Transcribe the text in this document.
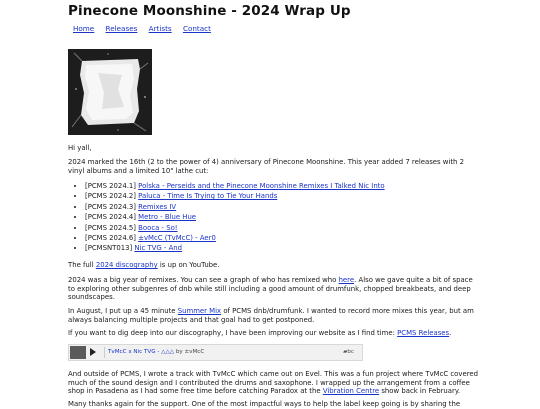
Pinecone Moonshine - 2024 Wrap Up
Home Releases Artists Contact

Hi yall,

2024 marked the 16th (2 to the power of 4) anniversary of Pinecone Moonshine. This year added 7 releases with 2 vinyl albums and a limited 10" lathe cut:

• [PCMS 2024.1] Polska - Perseids and the Pinecone Moonshine Remixes I Talked Nic Into
• [PCMS 2024.2] Paluca - Time Is Trying to Tie Your Hands
• [PCMS 2024.3] Remixes IV
• [PCMS 2024.4] Metro - Blue Hue
• [PCMS 2024.5] Booca - So!
• [PCMS 2024.6] ±vMcC (TvMcC) - Aer0
• [PCMSNT013] Nic TVG - And

The full 2024 discography is up on YouTube.

2024 was a big year of remixes. You can see a graph of who has remixed who here. Also we gave quite a bit of space to exploring other subgenres of dnb while still including a good amount of drumfunk, chopped breakbeats, and deep soundscapes.

In August, I put up a 45 minute Summer Mix of PCMS dnb/drumfunk. I wanted to record more mixes this year, but am always balancing multiple projects and that goal had to get postponed.

If you want to dig deep into our discography, I have been improving our website as I find time: PCMS Releases.

TvMcC x Nic TVG - △△△ by ±vMcC	▰bc

And outside of PCMS, I wrote a track with TvMcC which came out on Evel. This was a fun project where TvMcC covered much of the sound design and I contributed the drums and saxophone. I wrapped up the arrangement from a coffee shop in Pasadena as I had some free time before catching Paradox at the Vibration Centre show back in February.

Many thanks again for the support. One of the most impactful ways to help the label keep going is by sharing the
